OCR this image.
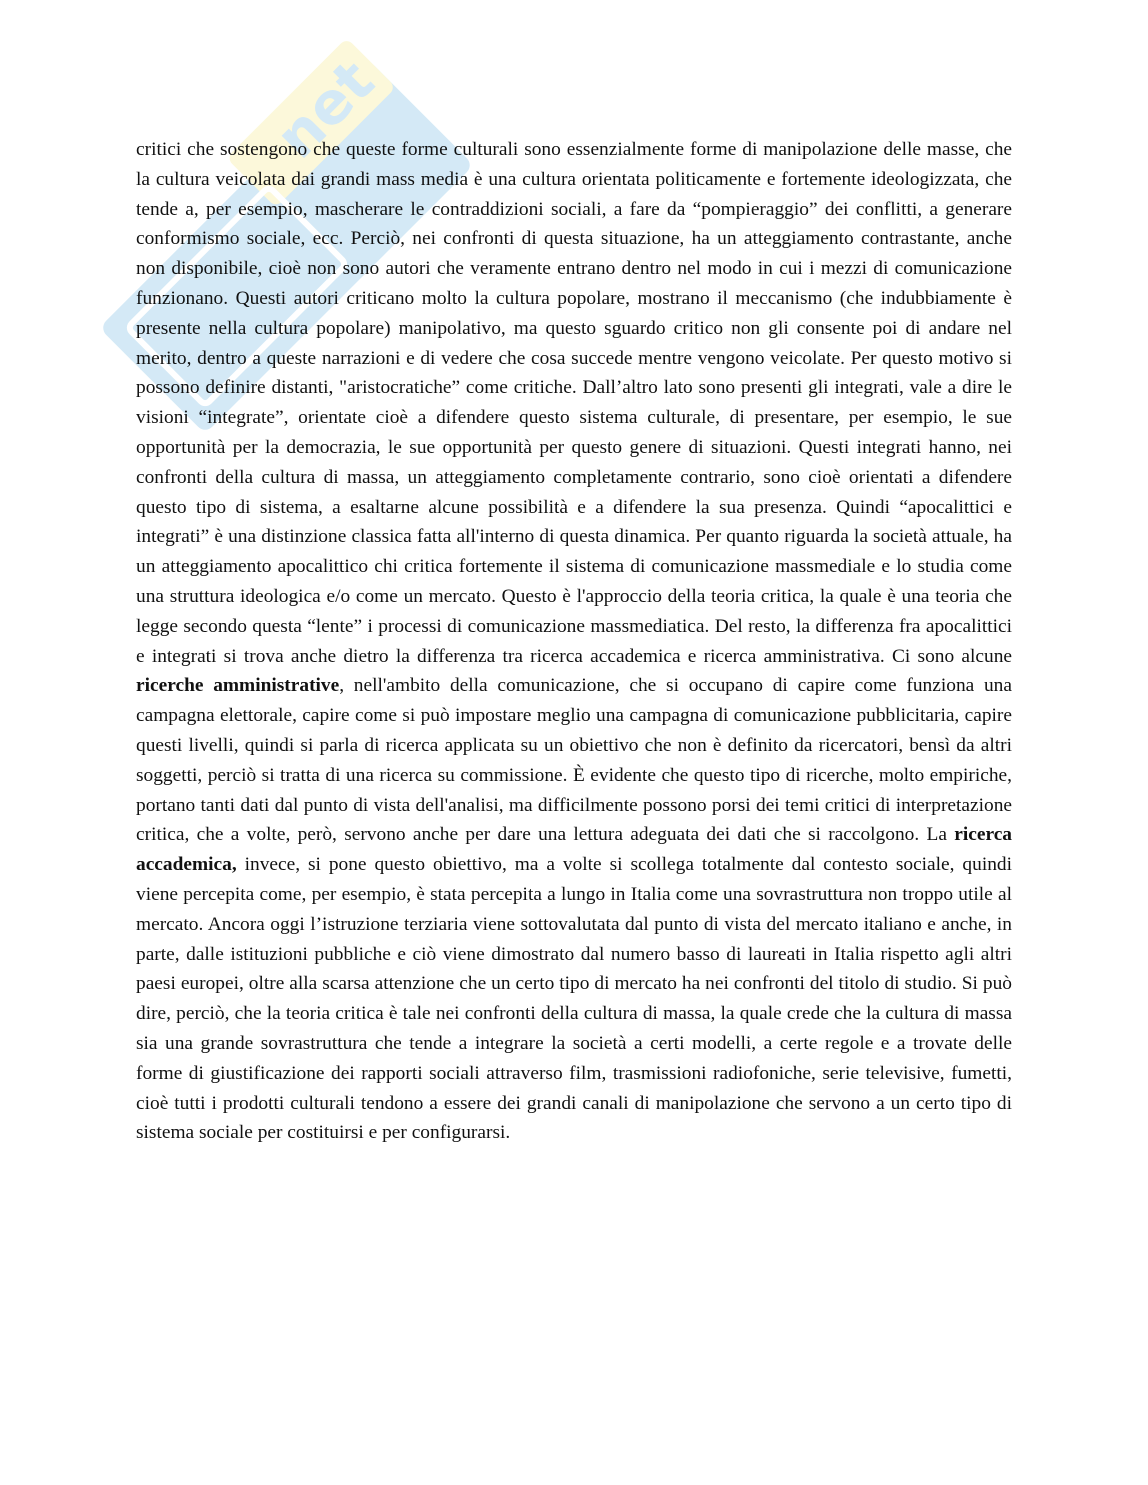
net

critici che sostengono che queste forme culturali sono essenzialmente forme di manipolazione delle masse, che la cultura veicolata dai grandi mass media è una cultura orientata politicamente e fortemente ideologizzata, che tende a, per esempio, mascherare le contraddizioni sociali, a fare da “pompieraggio” dei conflitti, a generare conformismo sociale, ecc. Perciò, nei confronti di questa situazione, ha un atteggiamento contrastante, anche non disponibile, cioè non sono autori che veramente entrano dentro nel modo in cui i mezzi di comunicazione funzionano. Questi autori criticano molto la cultura popolare, mostrano il meccanismo (che indubbiamente è presente nella cultura popolare) manipolativo, ma questo sguardo critico non gli consente poi di andare nel merito, dentro a queste narrazioni e di vedere che cosa succede mentre vengono veicolate. Per questo motivo si possono definire distanti, "aristocratiche” come critiche. Dall’altro lato sono presenti gli integrati, vale a dire le visioni “integrate”, orientate cioè a difendere questo sistema culturale, di presentare, per esempio, le sue opportunità per la democrazia, le sue opportunità per questo genere di situazioni. Questi integrati hanno, nei confronti della cultura di massa, un atteggiamento completamente contrario, sono cioè orientati a difendere questo tipo di sistema, a esaltarne alcune possibilità e a difendere la sua presenza. Quindi “apocalittici e integrati” è una distinzione classica fatta all'interno di questa dinamica. Per quanto riguarda la società attuale, ha un atteggiamento apocalittico chi critica fortemente il sistema di comunicazione massmediale e lo studia come una struttura ideologica e/o come un mercato. Questo è l'approccio della teoria critica, la quale è una teoria che legge secondo questa “lente” i processi di comunicazione massmediatica. Del resto, la differenza fra apocalittici e integrati si trova anche dietro la differenza tra ricerca accademica e ricerca amministrativa. Ci sono alcune ricerche amministrative, nell'ambito della comunicazione, che si occupano di capire come funziona una campagna elettorale, capire come si può impostare meglio una campagna di comunicazione pubblicitaria, capire questi livelli, quindi si parla di ricerca applicata su un obiettivo che non è definito da ricercatori, bensì da altri soggetti, perciò si tratta di una ricerca su commissione. È evidente che questo tipo di ricerche, molto empiriche, portano tanti dati dal punto di vista dell'analisi, ma difficilmente possono porsi dei temi critici di interpretazione critica, che a volte, però, servono anche per dare una lettura adeguata dei dati che si raccolgono. La ricerca accademica, invece, si pone questo obiettivo, ma a volte si scollega totalmente dal contesto sociale, quindi viene percepita come, per esempio, è stata percepita a lungo in Italia come una sovrastruttura non troppo utile al mercato. Ancora oggi l’istruzione terziaria viene sottovalutata dal punto di vista del mercato italiano e anche, in parte, dalle istituzioni pubbliche e ciò viene dimostrato dal numero basso di laureati in Italia rispetto agli altri paesi europei, oltre alla scarsa attenzione che un certo tipo di mercato ha nei confronti del titolo di studio. Si può dire, perciò, che la teoria critica è tale nei confronti della cultura di massa, la quale crede che la cultura di massa sia una grande sovrastruttura che tende a integrare la società a certi modelli, a certe regole e a trovate delle forme di giustificazione dei rapporti sociali attraverso film, trasmissioni radiofoniche, serie televisive, fumetti, cioè tutti i prodotti culturali tendono a essere dei grandi canali di manipolazione che servono a un certo tipo di sistema sociale per costituirsi e per configurarsi.
